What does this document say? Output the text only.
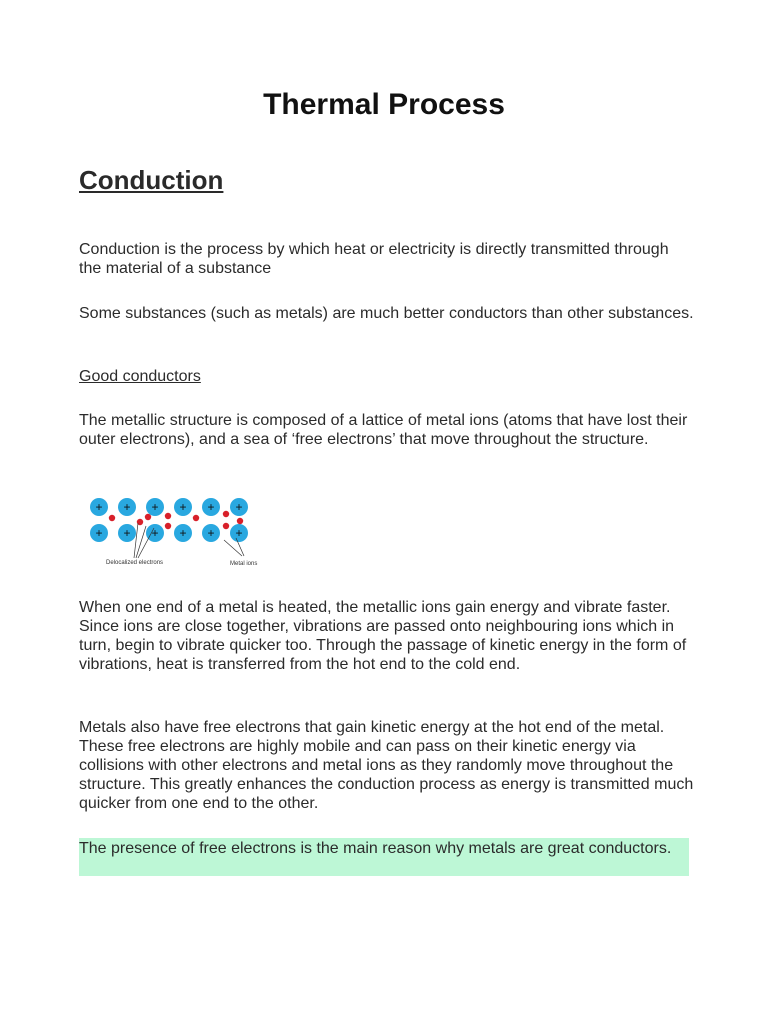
Thermal Process
Conduction

Conduction is the process by which heat or electricity is directly transmitted through the material of a substance

Some substances (such as metals) are much better conductors than other substances.

Good conductors

The metallic structure is composed of a lattice of metal ions (atoms that have lost their outer electrons), and a sea of ‘free electrons’ that move throughout the structure.

+ + + + + +
+ + + + + +
Delocalized electrons	Metal ions

When one end of a metal is heated, the metallic ions gain energy and vibrate faster. Since ions are close together, vibrations are passed onto neighbouring ions which in turn, begin to vibrate quicker too. Through the passage of kinetic energy in the form of vibrations, heat is transferred from the hot end to the cold end.

Metals also have free electrons that gain kinetic energy at the hot end of the metal. These free electrons are highly mobile and can pass on their kinetic energy via collisions with other electrons and metal ions as they randomly move throughout the structure. This greatly enhances the conduction process as energy is transmitted much quicker from one end to the other.

The presence of free electrons is the main reason why metals are great conductors.
